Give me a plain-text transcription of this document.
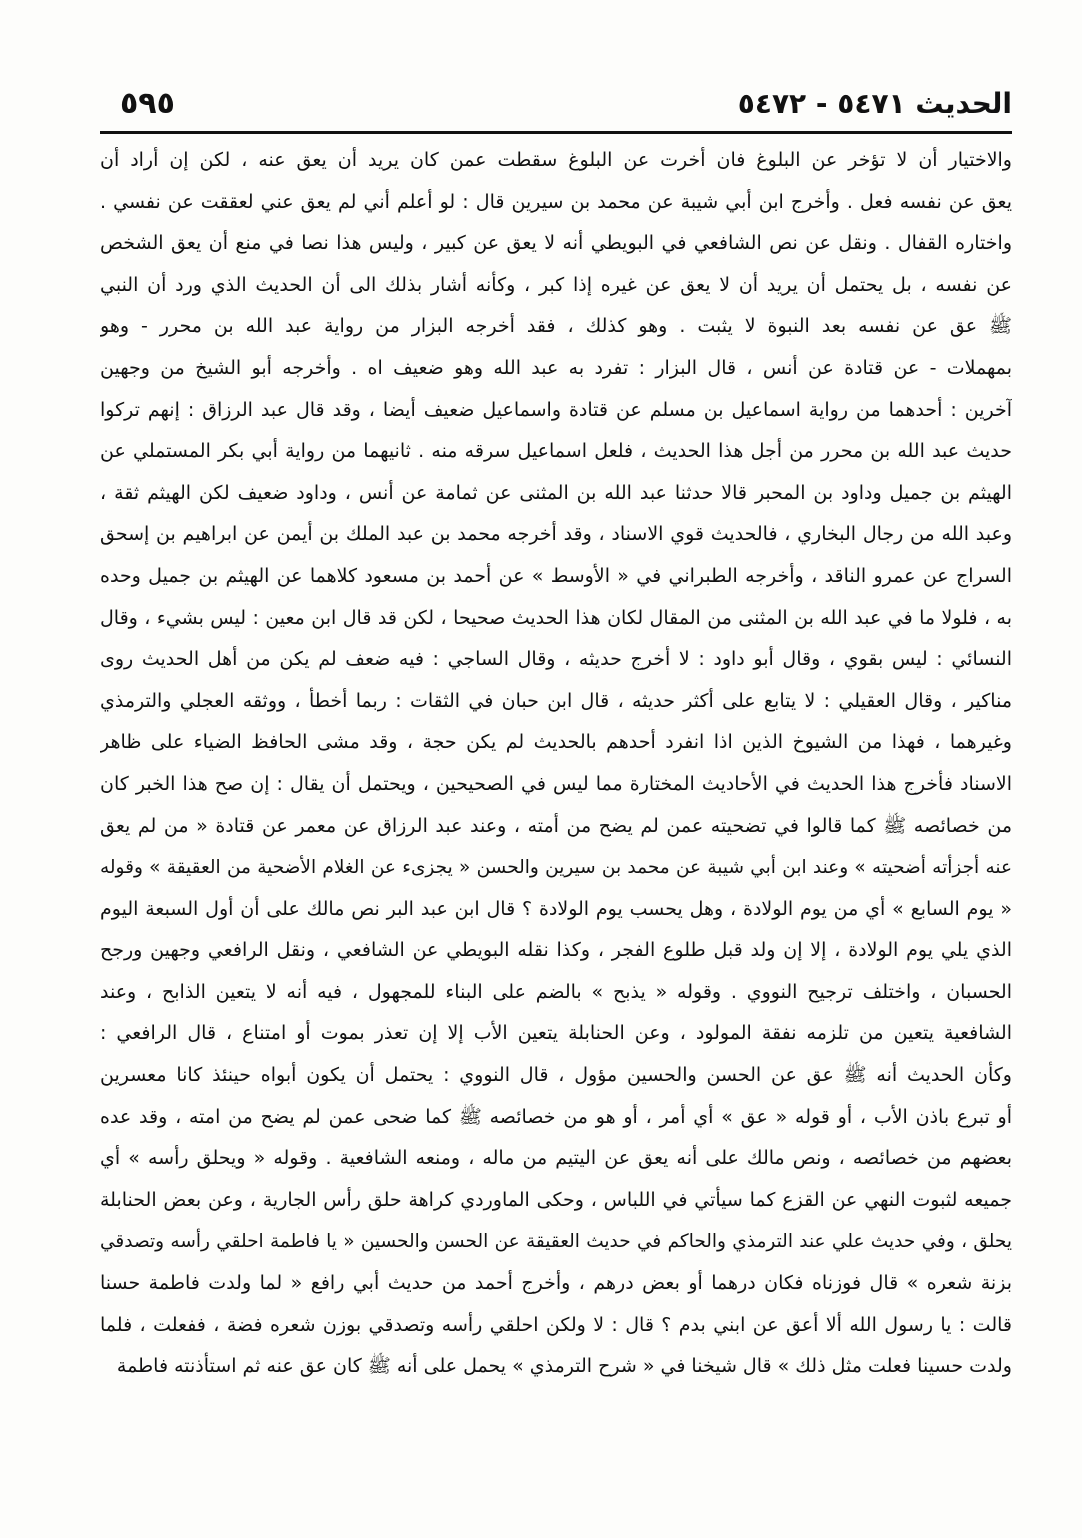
الحديث ٥٤٧١ - ٥٤٧٢
٥٩٥
والاختيار أن لا تؤخر عن البلوغ فان أخرت عن البلوغ سقطت عمن كان يريد أن يعق عنه ، لكن إن أراد أن
يعق عن نفسه فعل . وأخرج ابن أبي شيبة عن محمد بن سيرين قال : لو أعلم أني لم يعق عني لعققت عن نفسي .
واختاره القفال . ونقل عن نص الشافعي في البويطي أنه لا يعق عن كبير ، وليس هذا نصا في منع أن يعق الشخص
عن نفسه ، بل يحتمل أن يريد أن لا يعق عن غيره إذا كبر ، وكأنه أشار بذلك الى أن الحديث الذي ورد أن النبي
ﷺ عق عن نفسه بعد النبوة لا يثبت . وهو كذلك ، فقد أخرجه البزار من رواية عبد الله بن محرر - وهو
بمهملات - عن قتادة عن أنس ، قال البزار : تفرد به عبد الله وهو ضعيف اه . وأخرجه أبو الشيخ من وجهين
آخرين : أحدهما من رواية اسماعيل بن مسلم عن قتادة واسماعيل ضعيف أيضا ، وقد قال عبد الرزاق : إنهم تركوا
حديث عبد الله بن محرر من أجل هذا الحديث ، فلعل اسماعيل سرقه منه . ثانيهما من رواية أبي بكر المستملي عن
الهيثم بن جميل وداود بن المحبر قالا حدثنا عبد الله بن المثنى عن ثمامة عن أنس ، وداود ضعيف لكن الهيثم ثقة ،
وعبد الله من رجال البخاري ، فالحديث قوي الاسناد ، وقد أخرجه محمد بن عبد الملك بن أيمن عن ابراهيم بن إسحق
السراج عن عمرو الناقد ، وأخرجه الطبراني في « الأوسط » عن أحمد بن مسعود كلاهما عن الهيثم بن جميل وحده
به ، فلولا ما في عبد الله بن المثنى من المقال لكان هذا الحديث صحيحا ، لكن قد قال ابن معين : ليس بشيء ، وقال
النسائي : ليس بقوي ، وقال أبو داود : لا أخرج حديثه ، وقال الساجي : فيه ضعف لم يكن من أهل الحديث روى
مناكير ، وقال العقيلي : لا يتابع على أكثر حديثه ، قال ابن حبان في الثقات : ربما أخطأ ، ووثقه العجلي والترمذي
وغيرهما ، فهذا من الشيوخ الذين اذا انفرد أحدهم بالحديث لم يكن حجة ، وقد مشى الحافظ الضياء على ظاهر
الاسناد فأخرج هذا الحديث في الأحاديث المختارة مما ليس في الصحيحين ، ويحتمل أن يقال : إن صح هذا الخبر كان
من خصائصه ﷺ كما قالوا في تضحيته عمن لم يضح من أمته ، وعند عبد الرزاق عن معمر عن قتادة « من لم يعق
عنه أجزأته أضحيته » وعند ابن أبي شيبة عن محمد بن سيرين والحسن « يجزىء عن الغلام الأضحية من العقيقة » وقوله
« يوم السابع » أي من يوم الولادة ، وهل يحسب يوم الولادة ؟ قال ابن عبد البر نص مالك على أن أول السبعة اليوم
الذي يلي يوم الولادة ، إلا إن ولد قبل طلوع الفجر ، وكذا نقله البويطي عن الشافعي ، ونقل الرافعي وجهين ورجح
الحسبان ، واختلف ترجيح النووي . وقوله « يذبح » بالضم على البناء للمجهول ، فيه أنه لا يتعين الذابح ، وعند
الشافعية يتعين من تلزمه نفقة المولود ، وعن الحنابلة يتعين الأب إلا إن تعذر بموت أو امتناع ، قال الرافعي :
وكأن الحديث أنه ﷺ عق عن الحسن والحسين مؤول ، قال النووي : يحتمل أن يكون أبواه حينئذ كانا معسرين
أو تبرع باذن الأب ، أو قوله « عق » أي أمر ، أو هو من خصائصه ﷺ كما ضحى عمن لم يضح من امته ، وقد عده
بعضهم من خصائصه ، ونص مالك على أنه يعق عن اليتيم من ماله ، ومنعه الشافعية . وقوله « ويحلق رأسه » أي
جميعه لثبوت النهي عن القزع كما سيأتي في اللباس ، وحكى الماوردي كراهة حلق رأس الجارية ، وعن بعض الحنابلة
يحلق ، وفي حديث علي عند الترمذي والحاكم في حديث العقيقة عن الحسن والحسين « يا فاطمة احلقي رأسه وتصدقي
بزنة شعره » قال فوزناه فكان درهما أو بعض درهم ، وأخرج أحمد من حديث أبي رافع « لما ولدت فاطمة حسنا
قالت : يا رسول الله ألا أعق عن ابني بدم ؟ قال : لا ولكن احلقي رأسه وتصدقي بوزن شعره فضة ، ففعلت ، فلما
ولدت حسينا فعلت مثل ذلك » قال شيخنا في « شرح الترمذي » يحمل على أنه ﷺ كان عق عنه ثم استأذنته فاطمة
